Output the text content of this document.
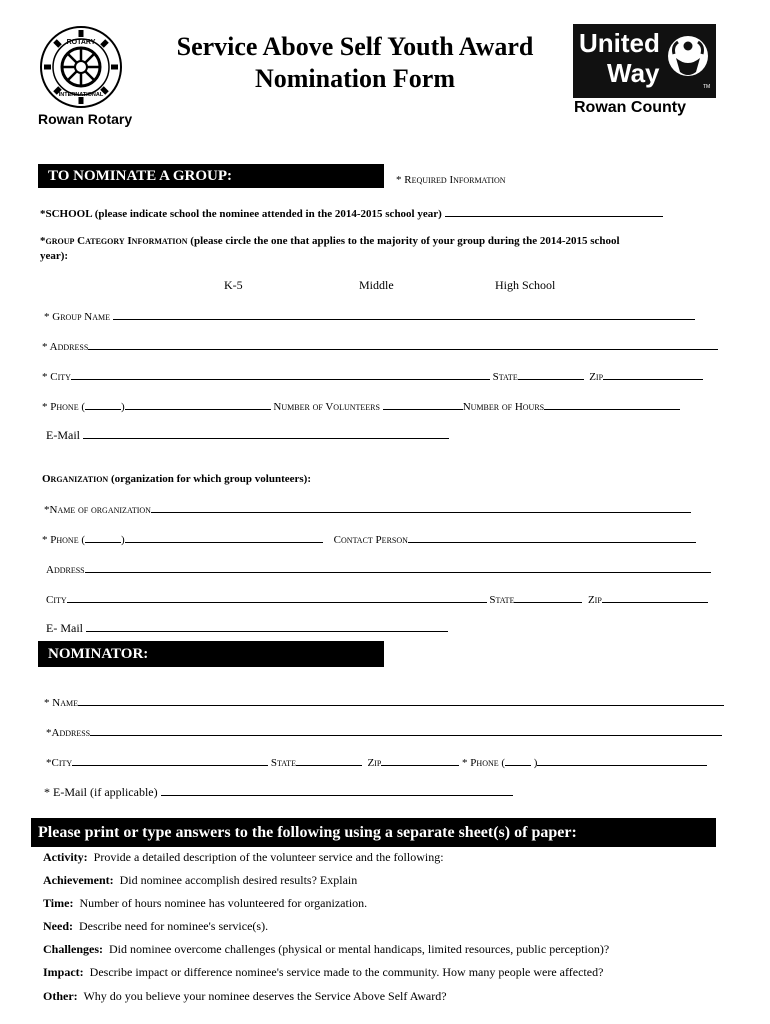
ROTARY
INTERNATIONAL
Rowan Rotary
Service Above Self Youth Award
Nomination Form
United
Way	TM
Rowan County
TO NOMINATE A GROUP:	* Required Information
*SCHOOL (please indicate school the nominee attended in the 2014-2015 school year)
*group Category Information (please circle the one that applies to the majority of your group during the 2014-2015 school
year):
K-5	Middle	High School
* Group Name
* Address
* City	State	Zip
* Phone (	)	Number of Volunteers	Number of Hours
E-Mail
Organization (organization for which group volunteers):
*Name of organization
* Phone (	)	Contact Person
Address
City	State	Zip
E- Mail
NOMINATOR:
* Name
*Address
*City	State	Zip	* Phone (	)
* E-Mail (if applicable)
Please print or type answers to the following using a separate sheet(s) of paper:
Activity: Provide a detailed description of the volunteer service and the following:
Achievement: Did nominee accomplish desired results? Explain
Time: Number of hours nominee has volunteered for organization.
Need: Describe need for nominee's service(s).
Challenges: Did nominee overcome challenges (physical or mental handicaps, limited resources, public perception)?
Impact: Describe impact or difference nominee's service made to the community. How many people were affected?
Other: Why do you believe your nominee deserves the Service Above Self Award?
